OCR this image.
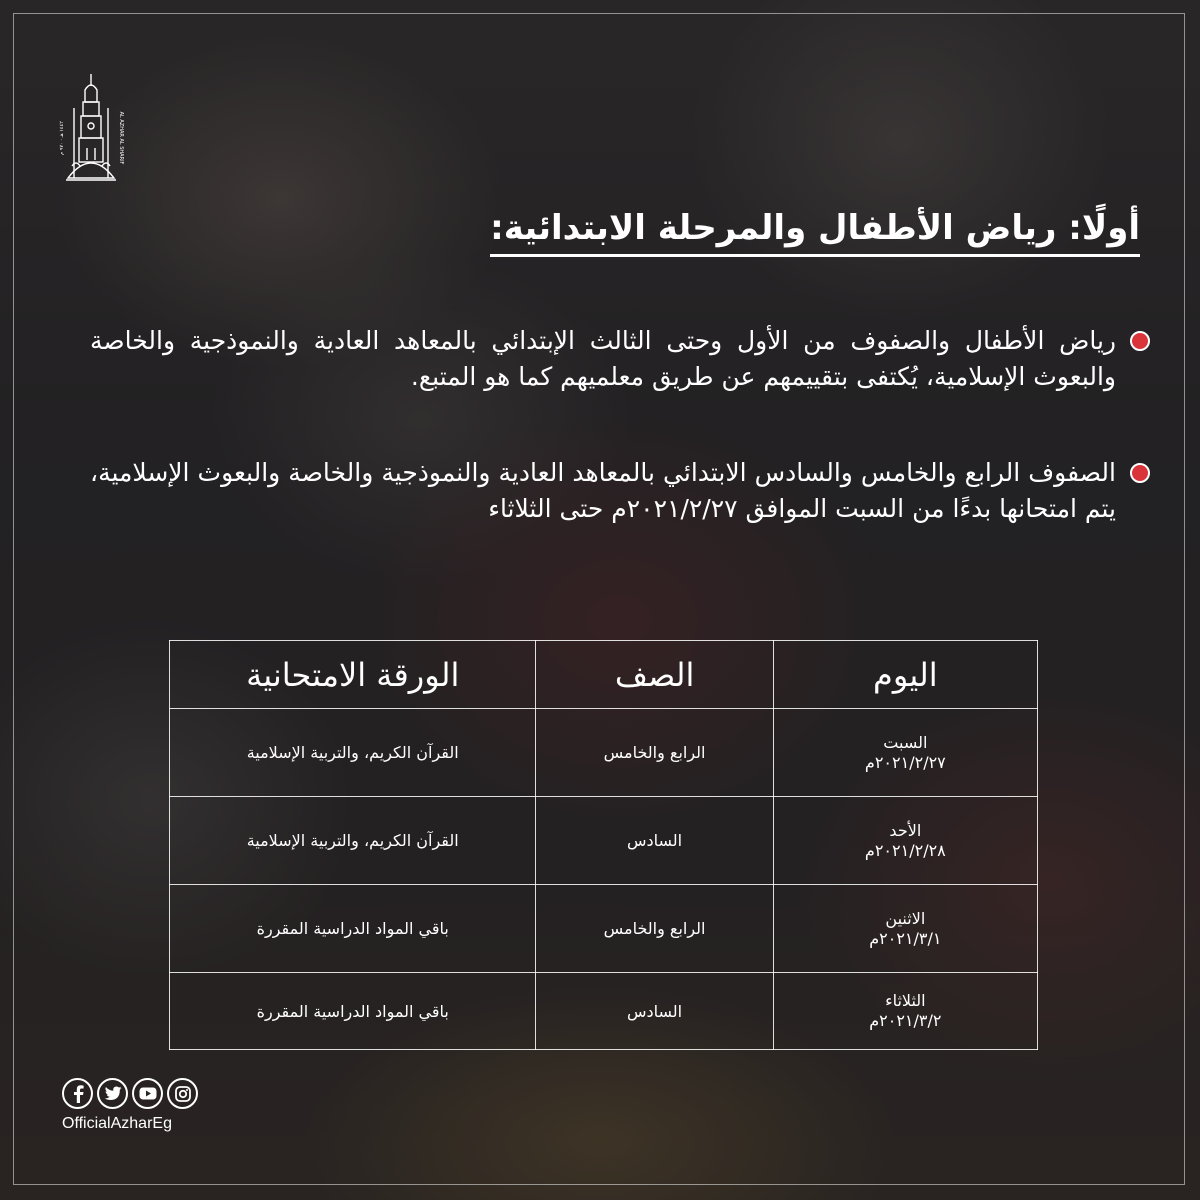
١٤٤٢ هـ · ٩٧٠ م	AL AZHAR AL SHARIF
أولًا: رياض الأطفال والمرحلة الابتدائية:

رياض الأطفال والصفوف من الأول وحتى الثالث الإبتدائي بالمعاهد العادية والنموذجية والخاصة والبعوث الإسلامية، يُكتفى بتقييمهم عن طريق معلميهم كما هو المتبع.

الصفوف الرابع والخامس والسادس الابتدائي بالمعاهد العادية والنموذجية والخاصة والبعوث الإسلامية، يتم امتحانها بدءًا من السبت الموافق ٢٠٢١/٢/٢٧م حتى الثلاثاء

اليوم	الصف	الورقة الامتحانية

السبت
٢٠٢١/٢/٢٧م	الرابع والخامس	القرآن الكريم، والتربية الإسلامية

الأحد
٢٠٢١/٢/٢٨م	السادس	القرآن الكريم، والتربية الإسلامية

الاثنين
٢٠٢١/٣/١م	الرابع والخامس	باقي المواد الدراسية المقررة

الثلاثاء
٢٠٢١/٣/٢م	السادس	باقي المواد الدراسية المقررة
OfficialAzharEg
